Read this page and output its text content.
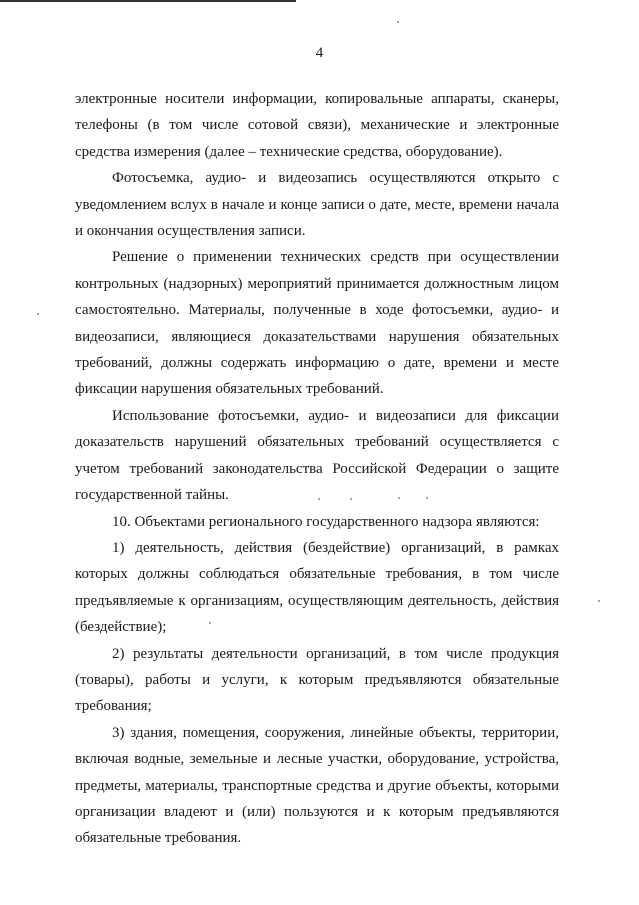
4

электронные носители информации, копировальные аппараты, сканеры, телефоны (в том числе сотовой связи), механические и электронные средства измерения (далее – технические средства, оборудование).

Фотосъемка, аудио- и видеозапись осуществляются открыто с уведомлением вслух в начале и конце записи о дате, месте, времени начала и окончания осуществления записи.

Решение о применении технических средств при осуществлении контрольных (надзорных) мероприятий принимается должностным лицом самостоятельно. Материалы, полученные в ходе фотосъемки, аудио- и видеозаписи, являющиеся доказательствами нарушения обязательных требований, должны содержать информацию о дате, времени и месте фиксации нарушения обязательных требований.

Использование фотосъемки, аудио- и видеозаписи для фиксации доказательств нарушений обязательных требований осуществляется с учетом требований законодательства Российской Федерации о защите государственной тайны.

10. Объектами регионального государственного надзора являются:

1) деятельность, действия (бездействие) организаций, в рамках которых должны соблюдаться обязательные требования, в том числе предъявляемые к организациям, осуществляющим деятельность, действия (бездействие);

2) результаты деятельности организаций, в том числе продукция (товары), работы и услуги, к которым предъявляются обязательные требования;

3) здания, помещения, сооружения, линейные объекты, территории, включая водные, земельные и лесные участки, оборудование, устройства, предметы, материалы, транспортные средства и другие объекты, которыми организации владеют и (или) пользуются и к которым предъявляются обязательные требования.
